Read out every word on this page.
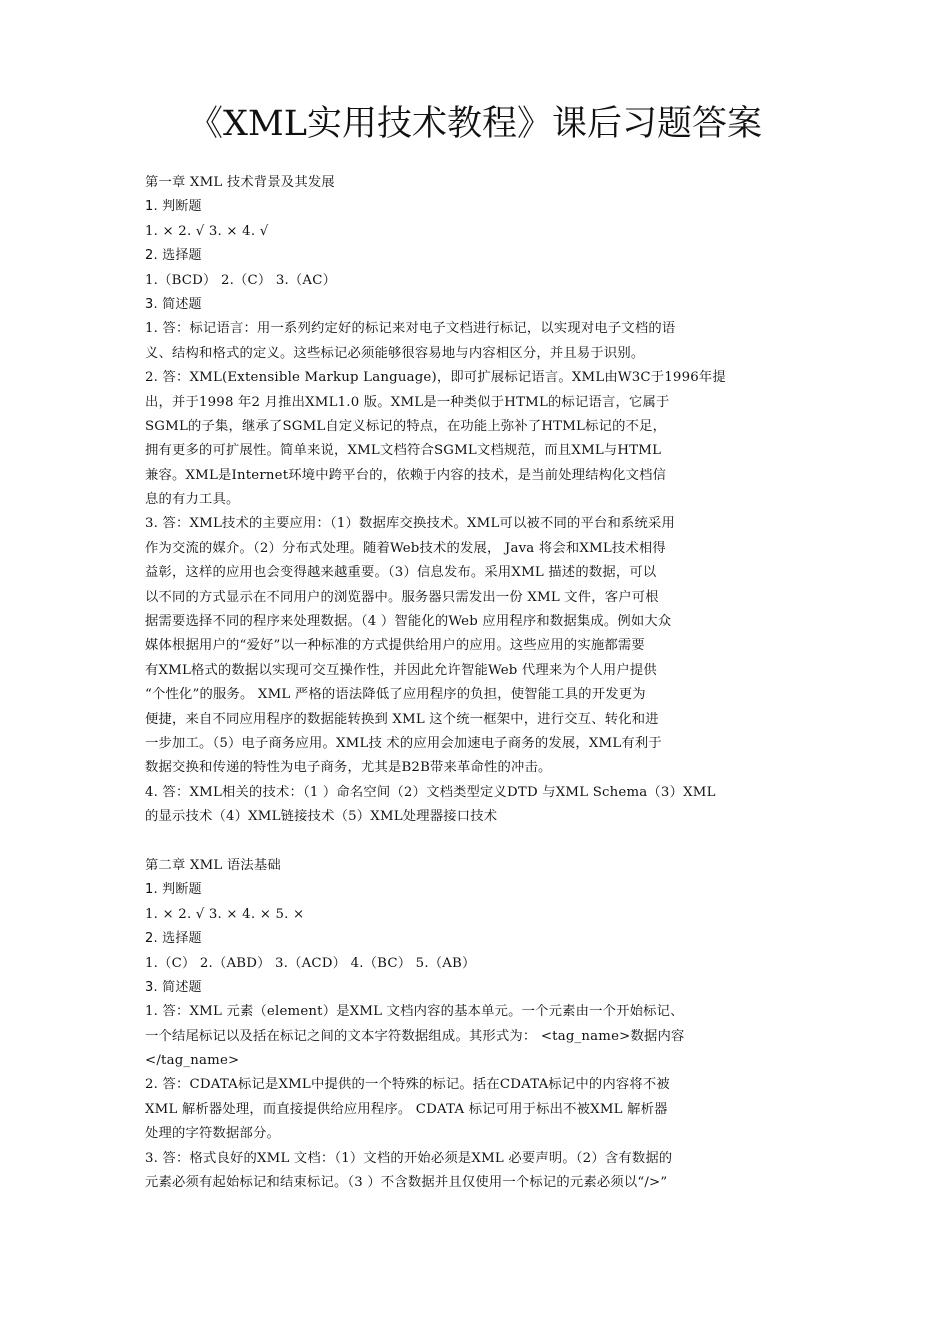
《XML实用技术教程》课后习题答案
第一章 XML 技术背景及其发展
1. 判断题
1. × 2. √ 3. × 4. √
2. 选择题
1.（BCD） 2.（C） 3.（AC）
3. 简述题
1. 答：标记语言：用一系列约定好的标记来对电子文档进行标记，以实现对电子文档的语
义、结构和格式的定义。这些标记必须能够很容易地与内容相区分，并且易于识别。
2. 答：XML(Extensible Markup Language)，即可扩展标记语言。XML由W3C于1996年提
出，并于1998 年2 月推出XML1.0 版。XML是一种类似于HTML的标记语言，它属于
SGML的子集，继承了SGML自定义标记的特点，在功能上弥补了HTML标记的不足，
拥有更多的可扩展性。简单来说，XML文档符合SGML文档规范，而且XML与HTML
兼容。XML是Internet环境中跨平台的，依赖于内容的技术，是当前处理结构化文档信
息的有力工具。
3. 答：XML技术的主要应用：（1）数据库交换技术。XML可以被不同的平台和系统采用
作为交流的媒介。（2）分布式处理。随着Web技术的发展， Java 将会和XML技术相得
益彰，这样的应用也会变得越来越重要。（3）信息发布。采用XML 描述的数据，可以
以不同的方式显示在不同用户的浏览器中。服务器只需发出一份 XML 文件，客户可根
据需要选择不同的程序来处理数据。（4 ）智能化的Web 应用程序和数据集成。例如大众
媒体根据用户的“爱好”以一种标准的方式提供给用户的应用。这些应用的实施都需要
有XML格式的数据以实现可交互操作性，并因此允许智能Web 代理来为个人用户提供
“个性化”的服务。 XML 严格的语法降低了应用程序的负担，使智能工具的开发更为
便捷，来自不同应用程序的数据能转换到 XML 这个统一框架中，进行交互、转化和进
一步加工。（5）电子商务应用。XML技 术的应用会加速电子商务的发展，XML有利于
数据交换和传递的特性为电子商务，尤其是B2B带来革命性的冲击。
4. 答：XML相关的技术：（1 ）命名空间（2）文档类型定义DTD 与XML Schema（3）XML
的显示技术（4）XML链接技术（5）XML处理器接口技术
第二章 XML 语法基础
1. 判断题
1. × 2. √ 3. × 4. × 5. ×
2. 选择题
1.（C） 2.（ABD） 3.（ACD） 4.（BC） 5.（AB）
3. 简述题
1. 答：XML 元素（element）是XML 文档内容的基本单元。一个元素由一个开始标记、
一个结尾标记以及括在标记之间的文本字符数据组成。其形式为： <tag_name>数据内容
</tag_name>
2. 答：CDATA标记是XML中提供的一个特殊的标记。括在CDATA标记中的内容将不被
XML 解析器处理，而直接提供给应用程序。 CDATA 标记可用于标出不被XML 解析器
处理的字符数据部分。
3. 答：格式良好的XML 文档：（1）文档的开始必须是XML 必要声明。（2）含有数据的
元素必须有起始标记和结束标记。（3 ）不含数据并且仅使用一个标记的元素必须以“/>”
